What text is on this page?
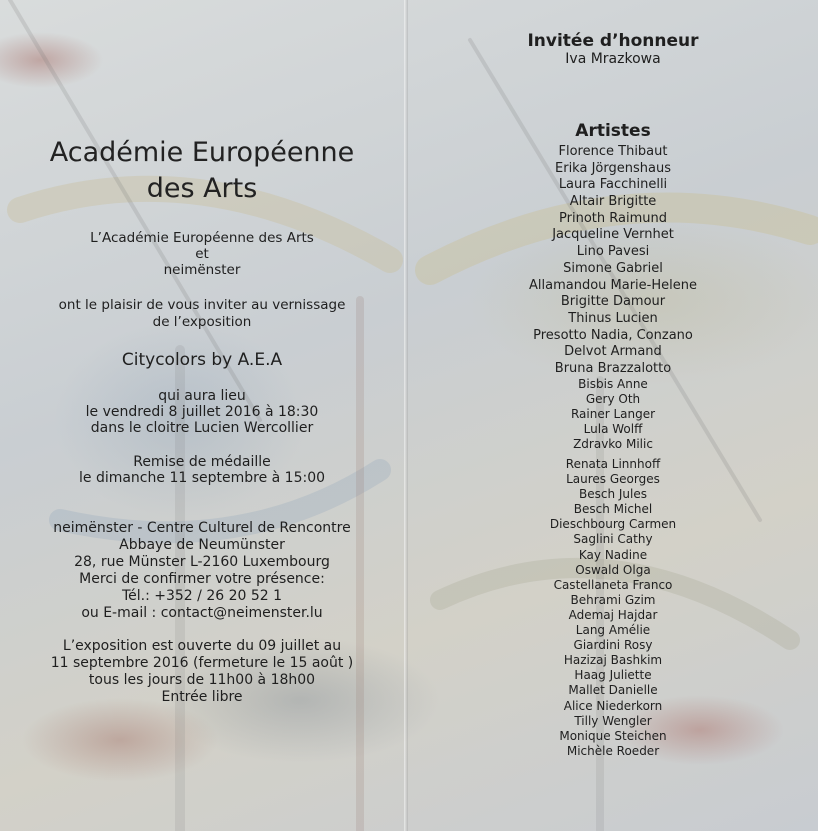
Académie Européenne

des Arts

L’Académie Européenne des Arts

et

neimënster

ont le plaisir de vous inviter au vernissage

de l’exposition

Citycolors by A.E.A

qui aura lieu

le vendredi 8 juillet 2016 à 18:30

dans le cloitre Lucien Wercollier

Remise de médaille

le dimanche 11 septembre à 15:00

neimënster - Centre Culturel de Rencontre

Abbaye de Neumünster

28, rue Münster L-2160 Luxembourg

Merci de confirmer votre présence:

Tél.: +352 / 26 20 52 1

ou E-mail : contact@neimenster.lu

L’exposition est ouverte du 09 juillet au

11 septembre 2016 (fermeture le 15 août )

tous les jours de 11h00 à 18h00

Entrée libre

Invitée d’honneur

Iva Mrazkowa

Artistes

Florence Thibaut
Erika Jörgenshaus
Laura Facchinelli
Altair Brigitte
Prinoth Raimund
Jacqueline Vernhet
Lino Pavesi
Simone Gabriel
Allamandou Marie-Helene
Brigitte Damour
Thinus Lucien
Presotto Nadia, Conzano
Delvot Armand
Bruna Brazzalotto
Bisbis Anne
Gery Oth
Rainer Langer
Lula Wolff
Zdravko Milic
Renata Linnhoff
Laures Georges
Besch Jules
Besch Michel
Dieschbourg Carmen
Saglini Cathy
Kay Nadine
Oswald Olga
Castellaneta Franco
Behrami Gzim
Ademaj Hajdar
Lang Amélie
Giardini Rosy
Hazizaj Bashkim
Haag Juliette
Mallet Danielle
Alice Niederkorn
Tilly Wengler
Monique Steichen
Michèle Roeder
